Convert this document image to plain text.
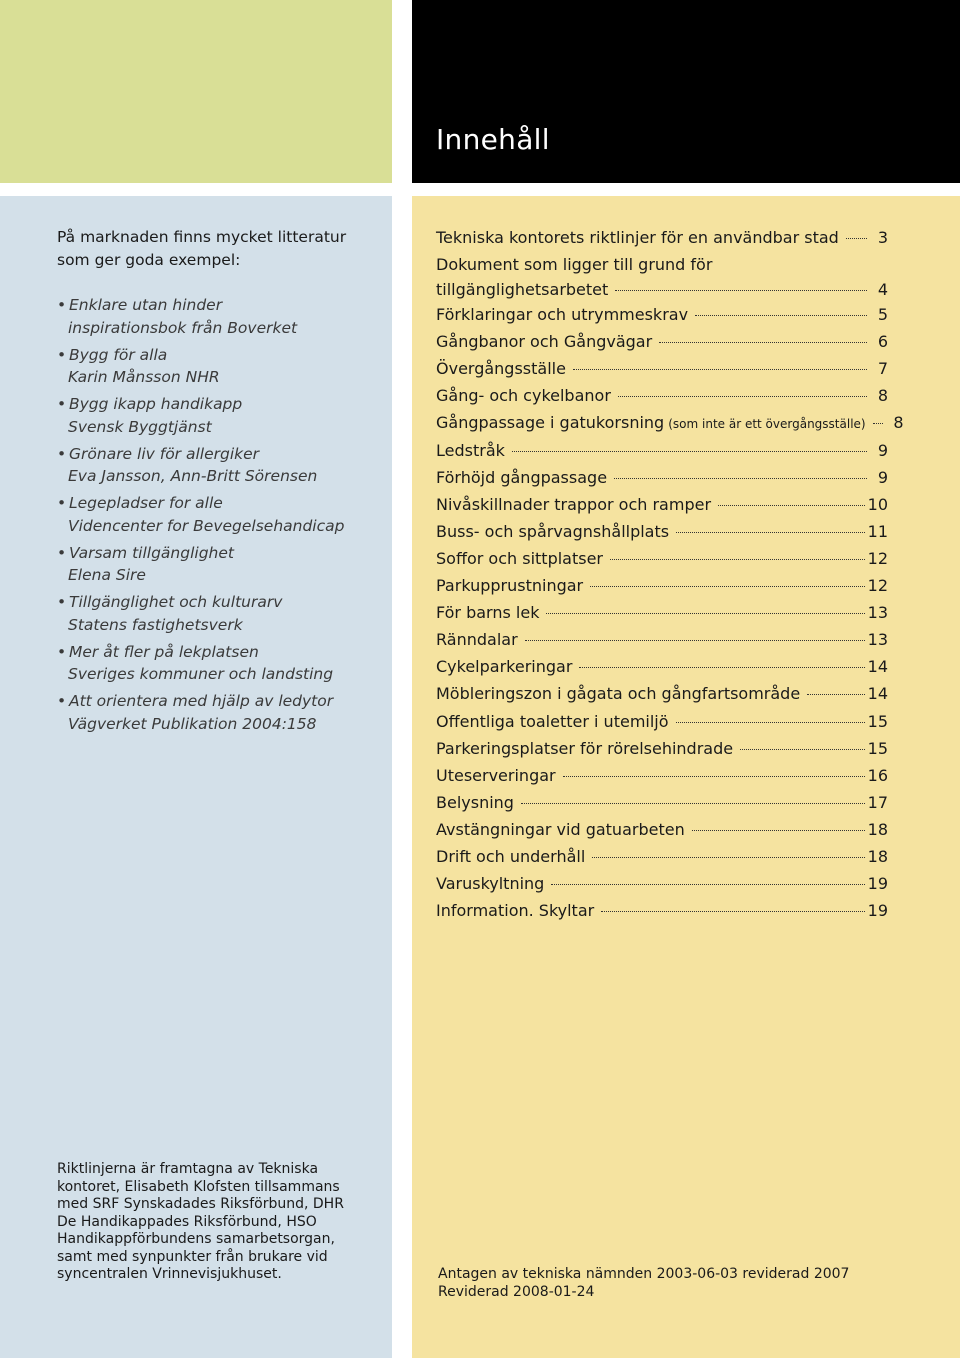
Innehåll

På marknaden finns mycket litteratur som ger goda exempel:

• Enklare utan hinder
inspirationsbok från Boverket
• Bygg för alla
Karin Månsson NHR
• Bygg ikapp handikapp
Svensk Byggtjänst
• Grönare liv för allergiker
Eva Jansson, Ann-Britt Sörensen
• Legepladser for alle
Videncenter for Bevegelsehandicap
• Varsam tillgänglighet
Elena Sire
• Tillgänglighet och kulturarv
Statens fastighetsverk
• Mer åt fler på lekplatsen
Sveriges kommuner och landsting
• Att orientera med hjälp av ledytor
Vägverket Publikation 2004:158
Tekniska kontorets riktlinjer för en användbar stad	3
Dokument som ligger till grund för
tillgänglighetsarbetet	4
Förklaringar och utrymmeskrav	5
Gångbanor och Gångvägar	6
Övergångsställe	7
Gång- och cykelbanor	8
Gångpassage i gatukorsning (som inte är ett övergångsställe)	8
Ledstråk	9
Förhöjd gångpassage	9
Nivåskillnader trappor och ramper	10
Buss- och spårvagnshållplats	11
Soffor och sittplatser	12
Parkupprustningar	12
För barns lek	13
Ränndalar	13
Cykelparkeringar	14
Möbleringszon i gågata och gångfartsområde	14
Offentliga toaletter i utemiljö	15
Parkeringsplatser för rörelsehindrade	15
Uteserveringar	16
Belysning	17
Avstängningar vid gatuarbeten	18
Drift och underhåll	18
Varuskyltning	19
Information. Skyltar	19

Riktlinjerna är framtagna av Tekniska kontoret, Elisabeth Klofsten tillsammans med SRF Synskadades Riksförbund, DHR De Handikappades Riksförbund, HSO Handikappförbundens samarbetsorgan, samt med synpunkter från brukare vid syncentralen Vrinnevisjukhuset.	Antagen av tekniska nämnden 2003-06-03 reviderad 2007
Reviderad 2008-01-24
